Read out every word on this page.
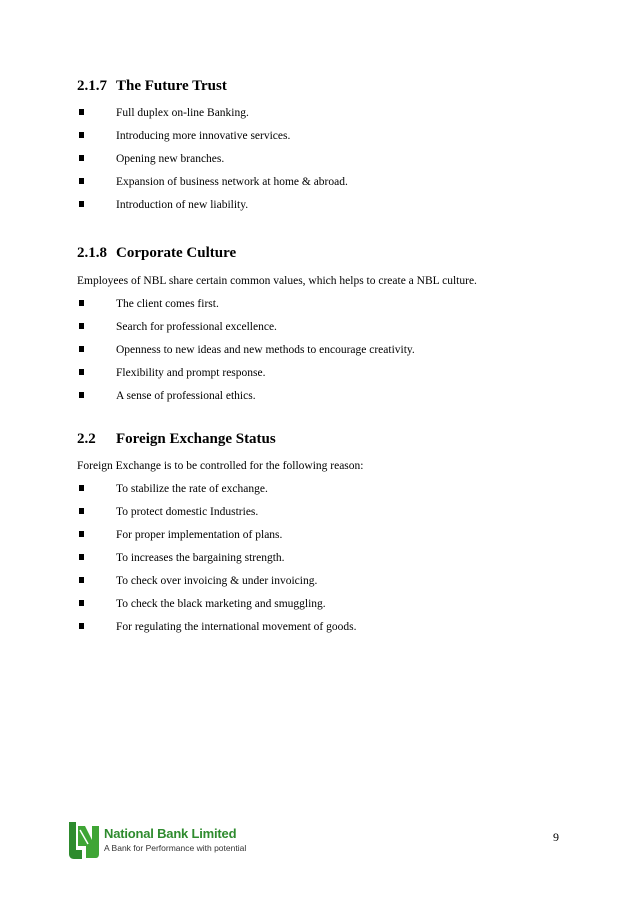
2.1.7 The Future Trust
Full duplex on-line Banking.
Introducing more innovative services.
Opening new branches.
Expansion of business network at home & abroad.
Introduction of new liability.
2.1.8 Corporate Culture
Employees of NBL share certain common values, which helps to create a NBL culture.
The client comes first.
Search for professional excellence.
Openness to new ideas and new methods to encourage creativity.
Flexibility and prompt response.
A sense of professional ethics.
2.2 Foreign Exchange Status
Foreign Exchange is to be controlled for the following reason:
To stabilize the rate of exchange.
To protect domestic Industries.
For proper implementation of plans.
To increases the bargaining strength.
To check over invoicing & under invoicing.
To check the black marketing and smuggling.
For regulating the international movement of goods.
National Bank Limited
A Bank for Performance with potential
9
